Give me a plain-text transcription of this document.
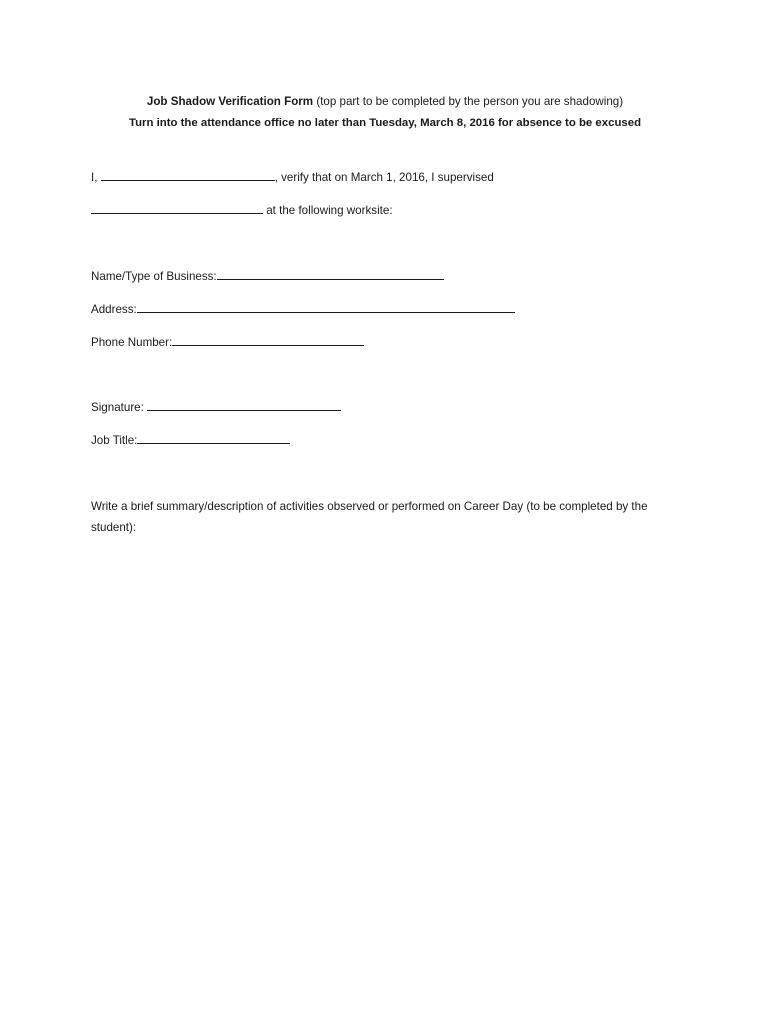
Job Shadow Verification Form (top part to be completed by the person you are shadowing)
Turn into the attendance office no later than Tuesday, March 8, 2016 for absence to be excused
I,	, verify that on March 1, 2016, I supervised
at the following worksite:
Name/Type of Business:
Address:
Phone Number:
Signature:
Job Title:
Write a brief summary/description of activities observed or performed on Career Day (to be completed by the student):
